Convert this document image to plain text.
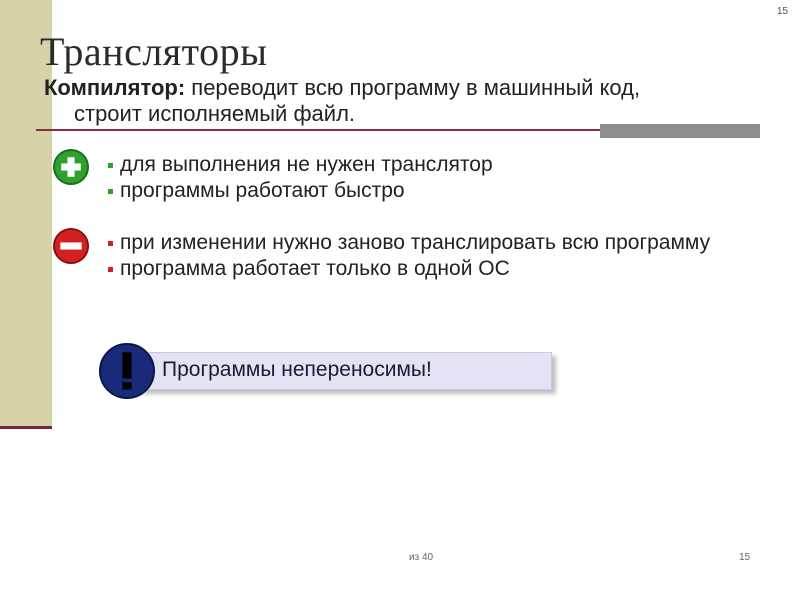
15
Трансляторы
Компилятор: переводит всю программу в машинный код,
строит исполняемый файл.
для выполнения не нужен транслятор
программы работают быстро
при изменении нужно заново транслировать всю программу
программа работает только в одной ОС
Программы непереносимы!
из 40	15
